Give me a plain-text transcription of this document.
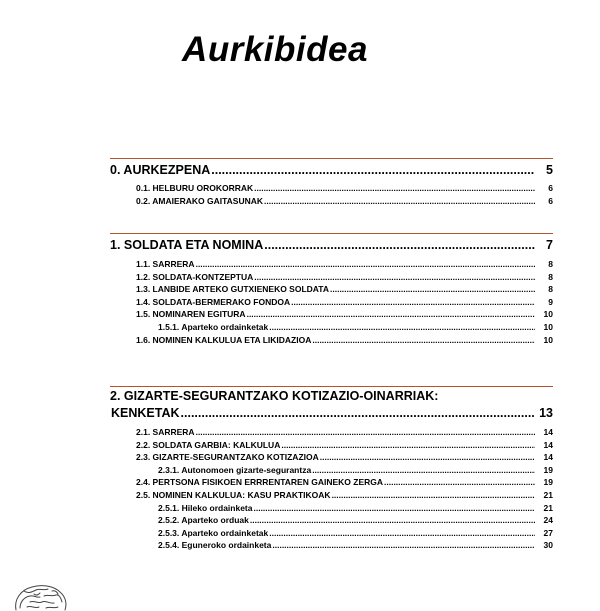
Aurkibidea
0. AURKEZPENA .....	5
0.1. HELBURU OROKORRAK .....	6
0.2. AMAIERAKO GAITASUNAK .....	6
1. SOLDATA ETA NOMINA .....	7
1.1. SARRERA .....	8
1.2. SOLDATA-KONTZEPTUA .....	8
1.3. LANBIDE ARTEKO GUTXIENEKO SOLDATA .....	8
1.4. SOLDATA-BERMERAKO FONDOA .....	9
1.5. NOMINAREN EGITURA .....	10
1.5.1. Aparteko ordainketak .....	10
1.6. NOMINEN KALKULUA ETA LIKIDAZIOA .....	10
2. GIZARTE-SEGURANTZAKO KOTIZAZIO-OINARRIAK:
KENKETAK .....	13
2.1. SARRERA .....	14
2.2. SOLDATA GARBIA: KALKULUA .....	14
2.3. GIZARTE-SEGURANTZAKO KOTIZAZIOA .....	14
2.3.1. Autonomoen gizarte-segurantza .....	19
2.4. PERTSONA FISIKOEN ERRRENTAREN GAINEKO ZERGA .....	19
2.5. NOMINEN KALKULUA: KASU PRAKTIKOAK .....	21
2.5.1. Hileko ordainketa .....	21
2.5.2. Aparteko orduak .....	24
2.5.3. Aparteko ordainketak .....	27
2.5.4. Eguneroko ordainketa .....	30
